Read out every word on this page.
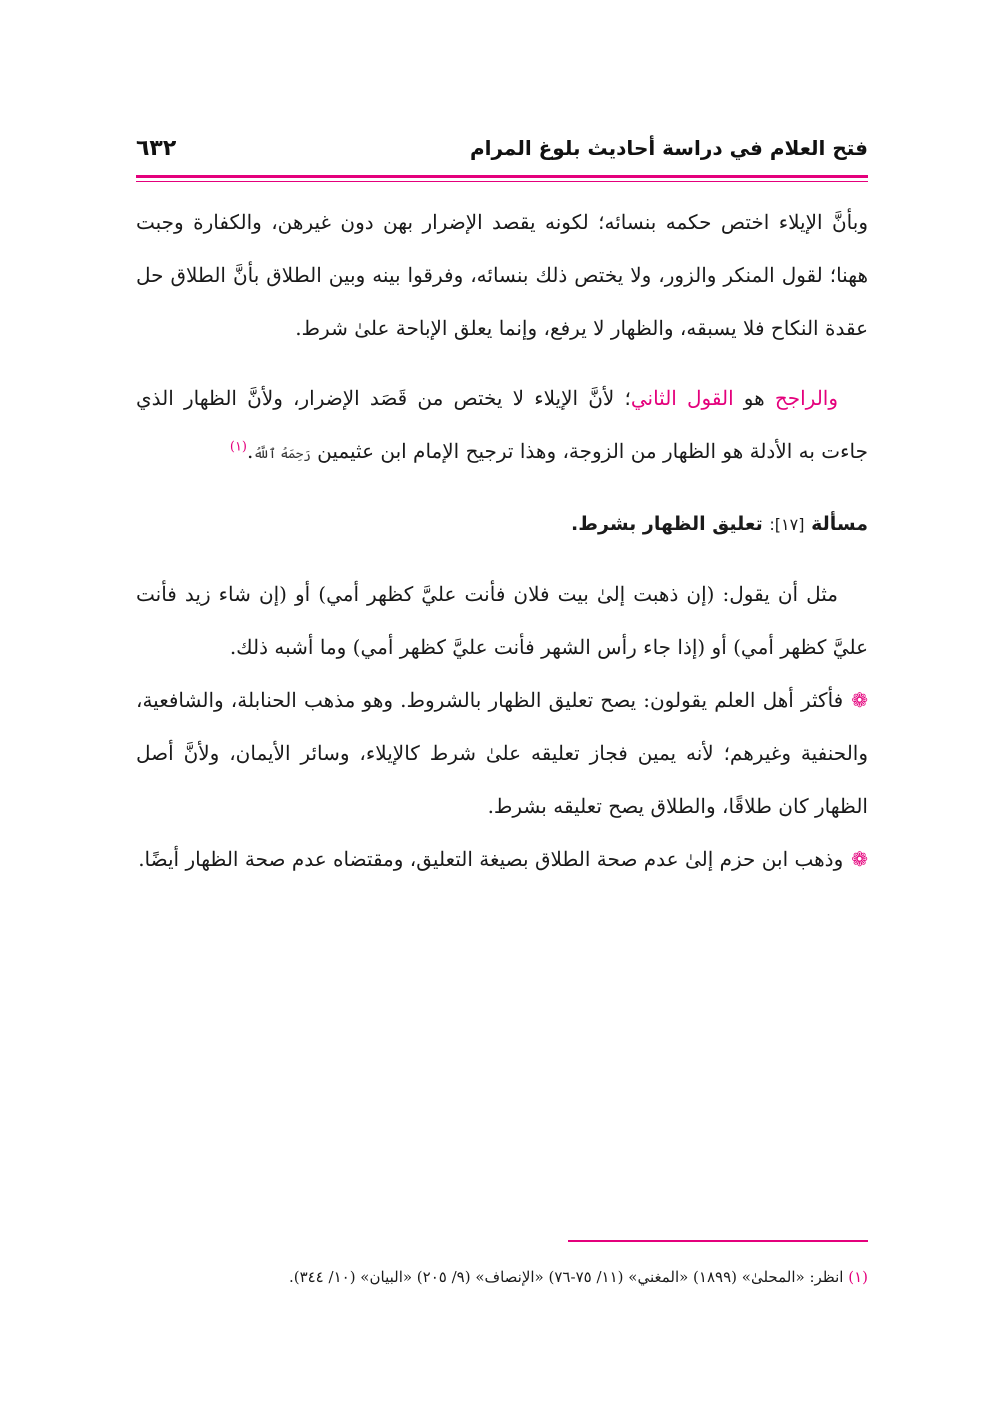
فتح العلام في دراسة أحاديث بلوغ المرام
٦٣٢

وبأنَّ الإيلاء اختص حكمه بنسائه؛ لكونه يقصد الإضرار بهن دون غيرهن، والكفارة وجبت ههنا؛ لقول المنكر والزور، ولا يختص ذلك بنسائه، وفرقوا بينه وبين الطلاق بأنَّ الطلاق حل عقدة النكاح فلا يسبقه، والظهار لا يرفع، وإنما يعلق الإباحة علىٰ شرط.

والراجح هو القول الثاني؛ لأنَّ الإيلاء لا يختص من قَصَد الإضرار، ولأنَّ الظهار الذي جاءت به الأدلة هو الظهار من الزوجة، وهذا ترجيح الإمام ابن عثيمين رَحِمَهُ ٱللَّهُ.$^{(١)}$

مسألة [١٧]: تعليق الظهار بشرط.

مثل أن يقول: (إن ذهبت إلىٰ بيت فلان فأنت عليَّ كظهر أمي) أو (إن شاء زيد فأنت عليَّ كظهر أمي) أو (إذا جاء رأس الشهر فأنت عليَّ كظهر أمي) وما أشبه ذلك.

❁فأكثر أهل العلم يقولون: يصح تعليق الظهار بالشروط. وهو مذهب الحنابلة، والشافعية، والحنفية وغيرهم؛ لأنه يمين فجاز تعليقه علىٰ شرط كالإيلاء، وسائر الأيمان، ولأنَّ أصل الظهار كان طلاقًا، والطلاق يصح تعليقه بشرط.

❁وذهب ابن حزم إلىٰ عدم صحة الطلاق بصيغة التعليق، ومقتضاه عدم صحة الظهار أيضًا.

(١) انظر: «المحلىٰ» (١٨٩٩) «المغني» (١١/ ٧٥-٧٦) «الإنصاف» (٩/ ٢٠٥) «البيان» (١٠/ ٣٤٤).
